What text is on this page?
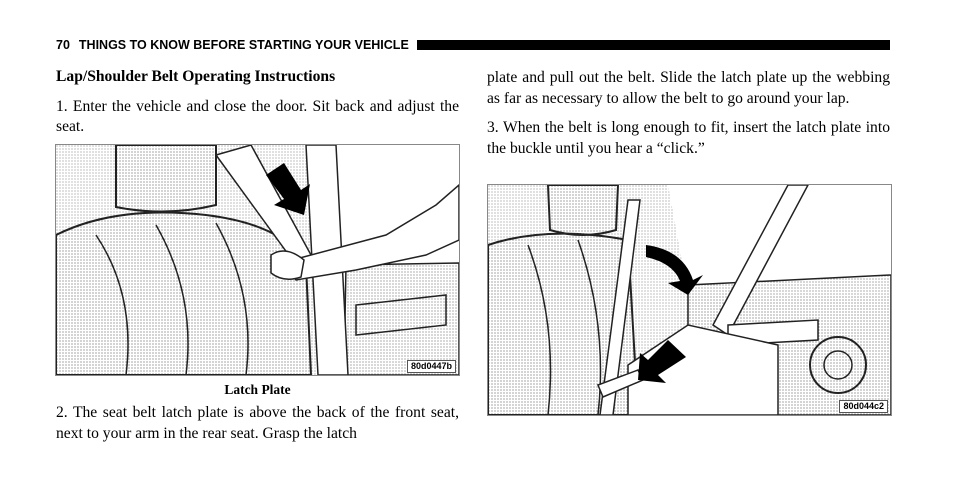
70 THINGS TO KNOW BEFORE STARTING YOUR VEHICLE

Lap/Shoulder Belt Operating Instructions

1. Enter the vehicle and close the door. Sit back and adjust the seat.

80d0447b
Latch Plate

2. The seat belt latch plate is above the back of the front seat, next to your arm in the rear seat. Grasp the latch

plate and pull out the belt. Slide the latch plate up the webbing as far as necessary to allow the belt to go around your lap.

3. When the belt is long enough to fit, insert the latch plate into the buckle until you hear a “click.”

80d044c2
